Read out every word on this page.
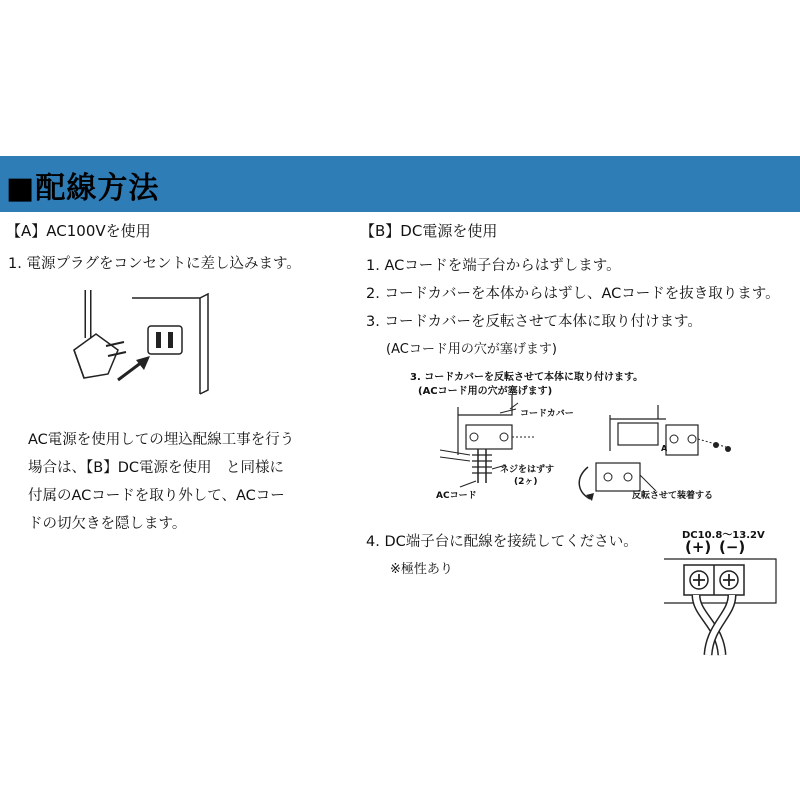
■配線方法
【A】AC100Vを使用
1. 電源プラグをコンセントに差し込みます。
AC電源を使用しての埋込配線工事を行う
場合は、【B】DC電源を使用　と同様に
付属のACコードを取り外して、ACコー
ドの切欠きを隠します。
【B】DC電源を使用
1. ACコードを端子台からはずします。
2. コードカバーを本体からはずし、ACコードを抜き取ります。
3. コードカバーを反転させて本体に取り付けます。
(ACコード用の穴が塞げます)
3. コードカバーを反転させて本体に取り付けます。
(ACコード用の穴が塞げます)
コードカバー
ネジをはずす
(2ヶ)
ACコード	反転させて装着する
A
4. DC端子台に配線を接続してください。
※極性あり
DC10.8～13.2V
(+) (−)
